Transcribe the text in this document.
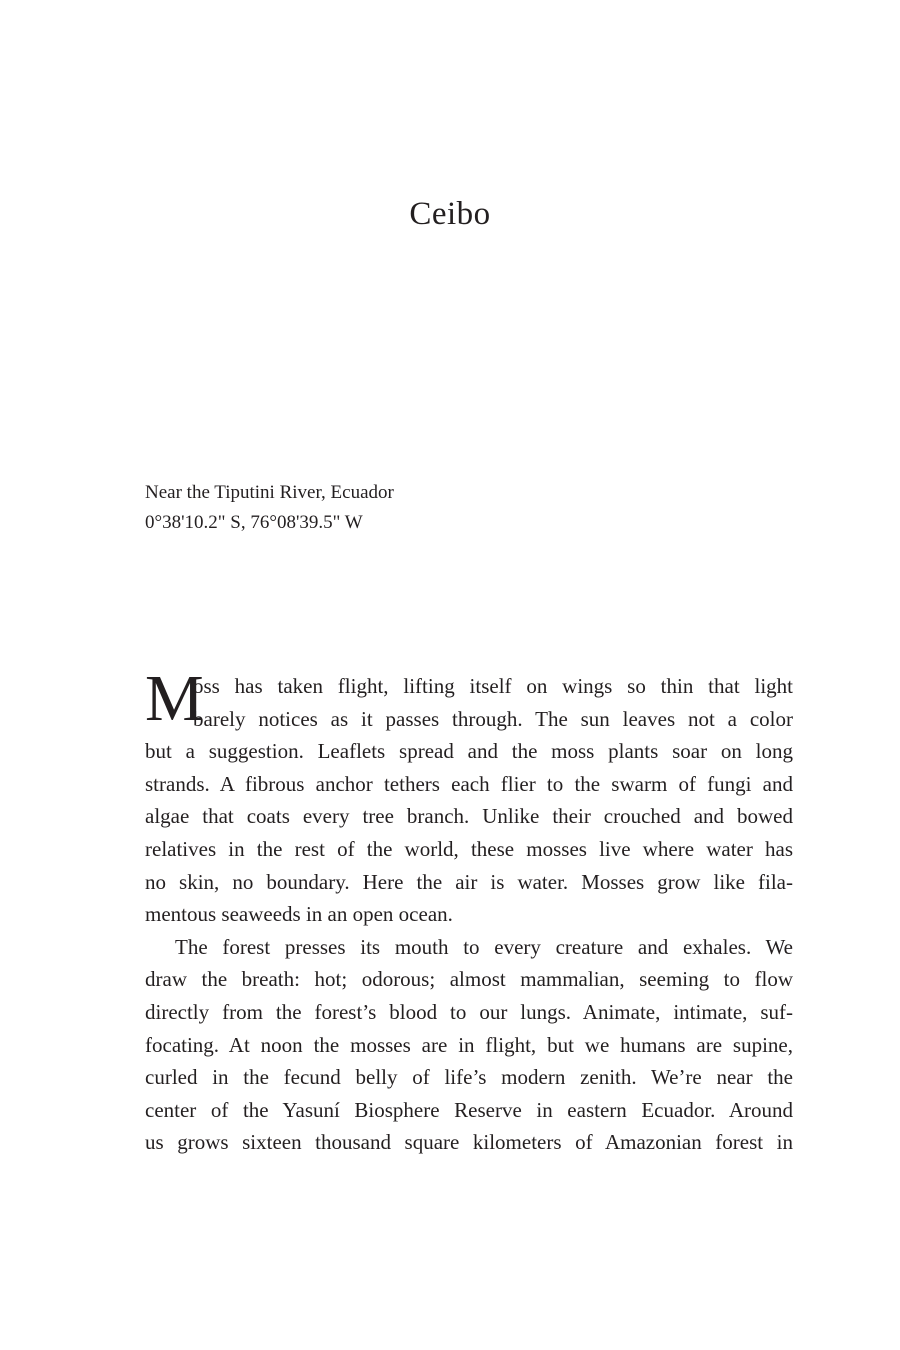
Ceibo
Near the Tiputini River, Ecuador
0°38'10.2" S, 76°08'39.5" W
M
oss has taken flight, lifting itself on wings so thin that light
barely notices as it passes through. The sun leaves not a color
but a suggestion. Leaflets spread and the moss plants soar on long
strands. A fibrous anchor tethers each flier to the swarm of fungi and
algae that coats every tree branch. Unlike their crouched and bowed
relatives in the rest of the world, these mosses live where water has
no skin, no boundary. Here the air is water. Mosses grow like fila-
mentous seaweeds in an open ocean.
The forest presses its mouth to every creature and exhales. We
draw the breath: hot; odorous; almost mammalian, seeming to flow
directly from the forest’s blood to our lungs. Animate, intimate, suf-
focating. At noon the mosses are in flight, but we humans are supine,
curled in the fecund belly of life’s modern zenith. We’re near the
center of the Yasuní Biosphere Reserve in eastern Ecuador. Around
us grows sixteen thousand square kilometers of Amazonian forest in
